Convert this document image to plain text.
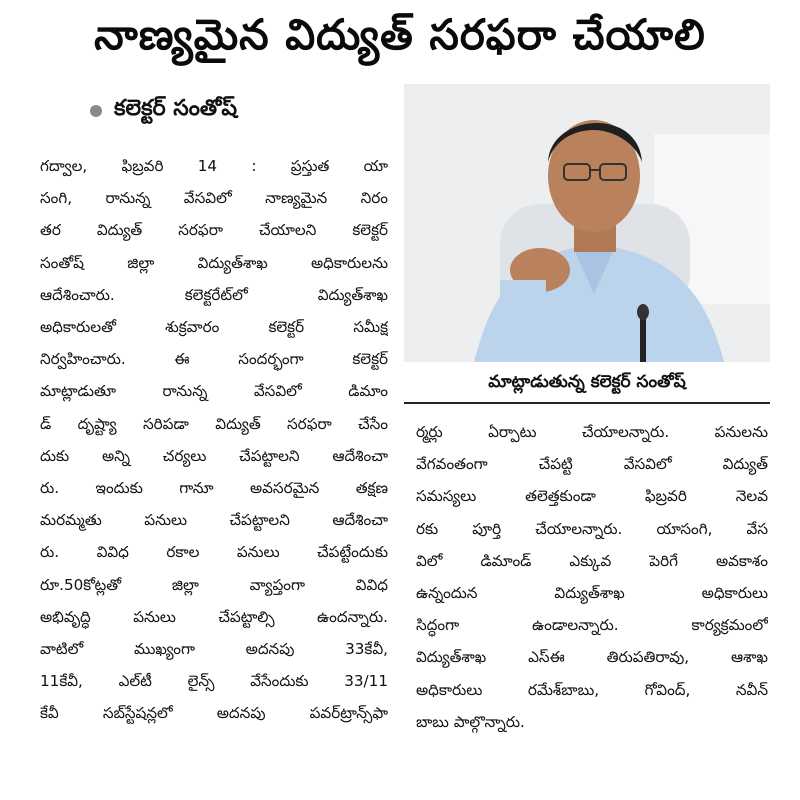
నాణ్యమైన విద్యుత్ సరఫరా చేయాలి
కలెక్టర్ సంతోష్
గద్వాల, ఫిబ్రవరి 14 : ప్రస్తుత యా
సంగి, రానున్న వేసవిలో నాణ్యమైన నిరం
తర విద్యుత్ సరఫరా చేయాలని కలెక్టర్
సంతోష్ జిల్లా విద్యుత్‌శాఖ అధికారులను
ఆదేశించారు. కలెక్టరేట్‌లో విద్యుత్‌శాఖ
అధికారులతో శుక్రవారం కలెక్టర్ సమీక్ష
నిర్వహించారు. ఈ సందర్భంగా కలెక్టర్
మాట్లాడుతూ రానున్న వేసవిలో డిమాం
డ్ దృష్ట్యా సరిపడా విద్యుత్ సరఫరా చేసేం
దుకు అన్ని చర్యలు చేపట్టాలని ఆదేశించా
రు. ఇందుకు గానూ అవసరమైన తక్షణ
మరమ్మతు పనులు చేపట్టాలని ఆదేశించా
రు. వివిధ రకాల పనులు చేపట్టేందుకు
రూ.50కోట్లతో జిల్లా వ్యాప్తంగా వివిధ
అభివృద్ధి పనులు చేపట్టాల్సి ఉందన్నారు.
వాటిలో ముఖ్యంగా అదనపు 33కేవీ,
11కేవీ, ఎల్‌టీ లైన్స్ వేసేందుకు 33/11
కేవీ సబ్‌స్టేషన్లలో అదనపు పవర్‌ట్రాన్స్‌ఫా
మాట్లాడుతున్న కలెక్టర్ సంతోష్
ర్మర్లు ఏర్పాటు చేయాలన్నారు. పనులను
వేగవంతంగా చేపట్టి వేసవిలో విద్యుత్
సమస్యలు తలెత్తకుండా ఫిబ్రవరి నెలవ
రకు పూర్తి చేయాలన్నారు. యాసంగి, వేస
విలో డిమాండ్ ఎక్కువ పెరిగే అవకాశం
ఉన్నందున విద్యుత్‌శాఖ అధికారులు
సిద్ధంగా ఉండాలన్నారు. కార్యక్రమంలో
విద్యుత్‌శాఖ ఎస్ఈ తిరుపతిరావు, ఆశాఖ
అధికారులు రమేశ్‌బాబు, గోవింద్, నవీన్
బాబు పాల్గొన్నారు.
